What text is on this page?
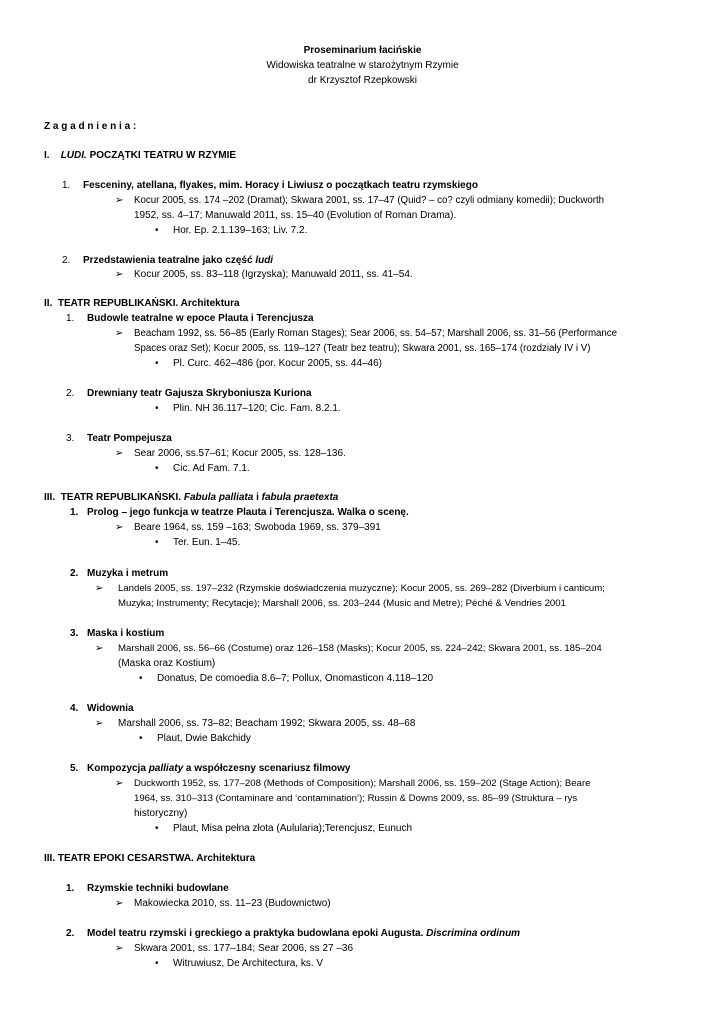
Proseminarium łacińskie
Widowiska teatralne w starożytnym Rzymie
dr Krzysztof Rzepkowski
Z a g a d n i e n i a :
I. LUDI. POCZĄTKI TEATRU W RZYMIE
1. Fesceniny, atellana, flyakes, mim. Horacy i Liwiusz o początkach teatru rzymskiego
➢ Kocur 2005, ss. 174 –202 (Dramat); Skwara 2001, ss. 17–47 (Quid? – co? czyli odmiany komedii); Duckworth
1952, ss. 4–17; Manuwald 2011, ss. 15–40 (Evolution of Roman Drama).
• Hor. Ep. 2.1.139–163; Liv. 7.2.
2. Przedstawienia teatralne jako część ludi
➢ Kocur 2005, ss. 83–118 (Igrzyska); Manuwald 2011, ss. 41–54.
II. TEATR REPUBLIKAŃSKI. Architektura
1. Budowle teatralne w epoce Plauta i Terencjusza
➢ Beacham 1992, ss. 56–85 (Early Roman Stages); Sear 2006, ss. 54–57; Marshall 2006, ss. 31–56 (Performance
Spaces oraz Set); Kocur 2005, ss. 119–127 (Teatr bez teatru); Skwara 2001, ss. 165–174 (rozdziały IV i V)
• Pl. Curc. 462–486 (por. Kocur 2005, ss. 44–46)
2. Drewniany teatr Gajusza Skryboniusza Kuriona
• Plin. NH 36.117–120; Cic. Fam. 8.2.1.
3. Teatr Pompejusza
➢ Sear 2006, ss.57–61; Kocur 2005, ss. 128–136.
• Cic. Ad Fam. 7.1.
III. TEATR REPUBLIKAŃSKI. Fabula palliata i fabula praetexta
1. Prolog – jego funkcja w teatrze Plauta i Terencjusza. Walka o scenę.
➢ Beare 1964, ss. 159 –163; Swoboda 1969, ss. 379–391
• Ter. Eun. 1–45.
2. Muzyka i metrum
➢ Landels 2005, ss. 197–232 (Rzymskie doświadczenia muzyczne); Kocur 2005, ss. 269–282 (Diverbium i canticum;
Muzyka; Instrumenty; Recytacje); Marshall 2006, ss. 203–244 (Music and Metre); Péché & Vendries 2001
3. Maska i kostium
➢ Marshall 2006, ss. 56–66 (Costume) oraz 126–158 (Masks); Kocur 2005, ss. 224–242; Skwara 2001, ss. 185–204
(Maska oraz Kostium)
• Donatus, De comoedia 8.6–7; Pollux, Onomasticon 4.118–120
4. Widownia
➢ Marshall 2006, ss. 73–82; Beacham 1992; Skwara 2005, ss. 48–68
• Plaut, Dwie Bakchidy
5. Kompozycja palliaty a współczesny scenariusz filmowy
➢ Duckworth 1952, ss. 177–208 (Methods of Composition); Marshall 2006, ss. 159–202 (Stage Action); Beare
1964, ss. 310–313 (Contaminare and ‘contamination’); Russin & Downs 2009, ss. 85–99 (Struktura – rys
historyczny)
• Plaut, Misa pełna złota (Aulularia);Terencjusz, Eunuch
III. TEATR EPOKI CESARSTWA. Architektura
1. Rzymskie techniki budowlane
➢ Makowiecka 2010, ss. 11–23 (Budownictwo)
2. Model teatru rzymski i greckiego a praktyka budowlana epoki Augusta. Discrimina ordinum
➢ Skwara 2001, ss. 177–184; Sear 2006, ss 27 –36
• Witruwiusz, De Architectura, ks. V
